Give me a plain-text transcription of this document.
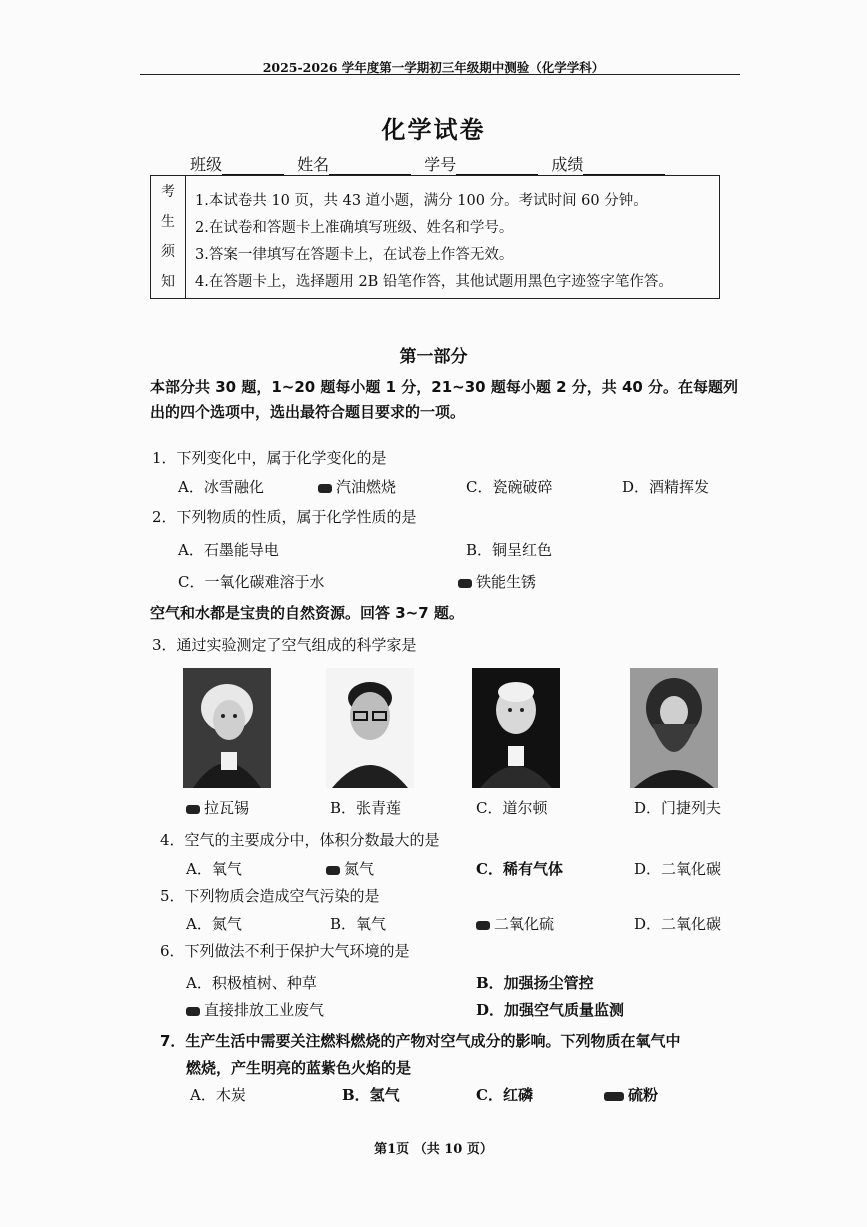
2025-2026 学年度第一学期初三年级期中测验（化学学科）
化学试卷
班级	姓名	学号	成绩
考
生
须
知
1.本试卷共 10 页，共 43 道小题，满分 100 分。考试时间 60 分钟。
2.在试卷和答题卡上准确填写班级、姓名和学号。
3.答案一律填写在答题卡上，在试卷上作答无效。
4.在答题卡上，选择题用 2B 铅笔作答，其他试题用黑色字迹签字笔作答。
第一部分
本部分共 30 题，1~20 题每小题 1 分，21~30 题每小题 2 分，共 40 分。在每题列
出的四个选项中，选出最符合题目要求的一项。
1．下列变化中，属于化学变化的是
A．冰雪融化	汽油燃烧	C．瓷碗破碎	D．酒精挥发
2．下列物质的性质，属于化学性质的是
A．石墨能导电	B．铜呈红色
C．一氧化碳难溶于水	铁能生锈
空气和水都是宝贵的自然资源。回答 3~7 题。
3．通过实验测定了空气组成的科学家是
拉瓦锡	B．张青莲	C．道尔顿	D．门捷列夫
4．空气的主要成分中，体积分数最大的是
A．氧气	氮气	C．稀有气体	D．二氧化碳
5．下列物质会造成空气污染的是
A．氮气	B．氧气	二氧化硫	D．二氧化碳
6．下列做法不利于保护大气环境的是
A．积极植树、种草	B．加强扬尘管控
直接排放工业废气	D．加强空气质量监测
7．生产生活中需要关注燃料燃烧的产物对空气成分的影响。下列物质在氧气中
燃烧，产生明亮的蓝紫色火焰的是
A．木炭	B．氢气	C．红磷	硫粉
第1页 （共 10 页）
